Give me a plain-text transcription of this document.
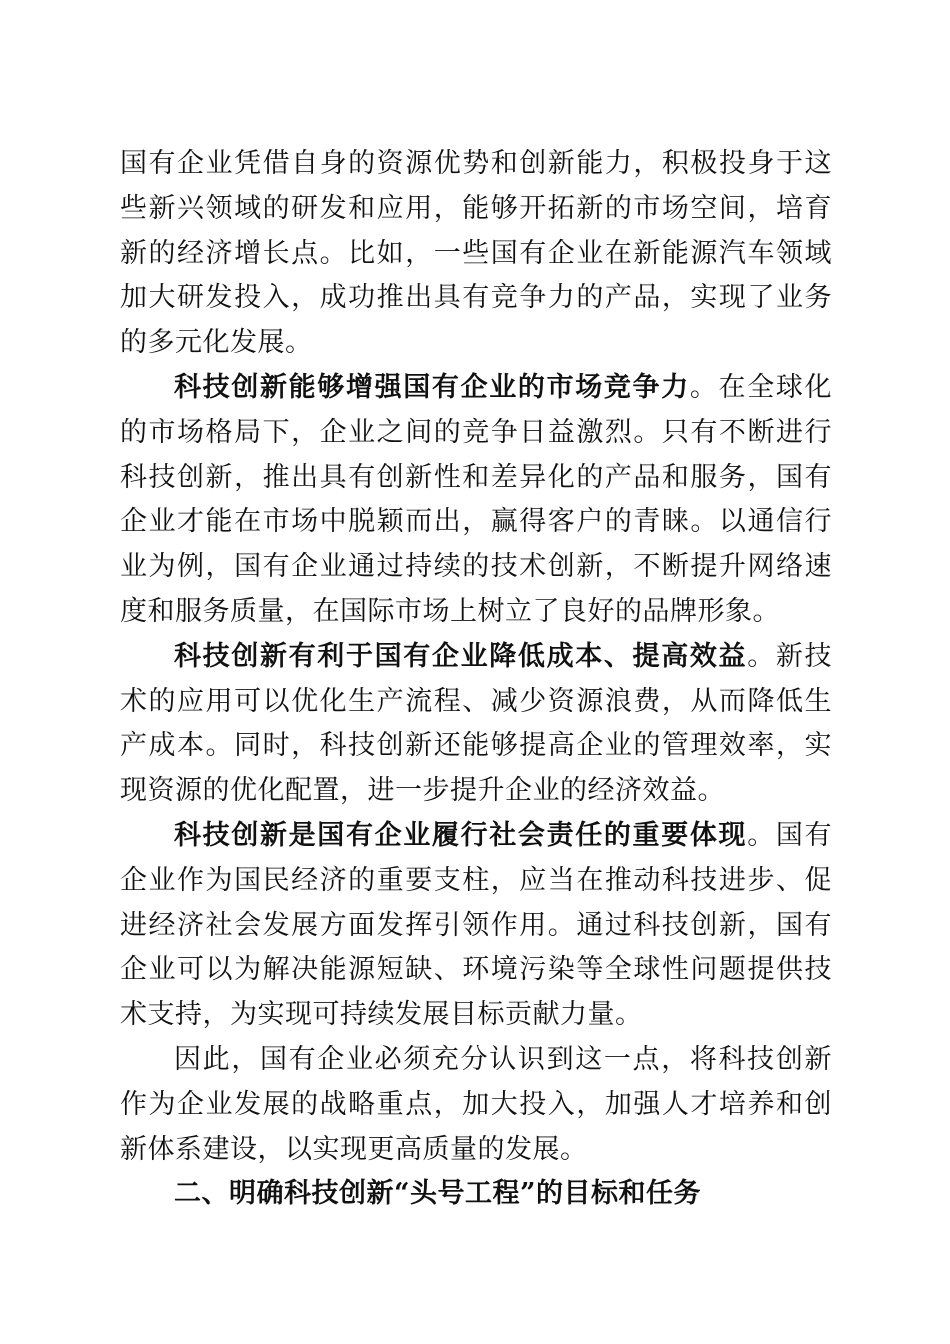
国有企业凭借自身的资源优势和创新能力，积极投身于这些新兴领域的研发和应用，能够开拓新的市场空间，培育新的经济增长点。比如，一些国有企业在新能源汽车领域加大研发投入，成功推出具有竞争力的产品，实现了业务的多元化发展。

科技创新能够增强国有企业的市场竞争力。在全球化的市场格局下，企业之间的竞争日益激烈。只有不断进行科技创新，推出具有创新性和差异化的产品和服务，国有企业才能在市场中脱颖而出，赢得客户的青睐。以通信行业为例，国有企业通过持续的技术创新，不断提升网络速度和服务质量，在国际市场上树立了良好的品牌形象。

科技创新有利于国有企业降低成本、提高效益。新技术的应用可以优化生产流程、减少资源浪费，从而降低生产成本。同时，科技创新还能够提高企业的管理效率，实现资源的优化配置，进一步提升企业的经济效益。

科技创新是国有企业履行社会责任的重要体现。国有企业作为国民经济的重要支柱，应当在推动科技进步、促进经济社会发展方面发挥引领作用。通过科技创新，国有企业可以为解决能源短缺、环境污染等全球性问题提供技术支持，为实现可持续发展目标贡献力量。

因此，国有企业必须充分认识到这一点，将科技创新作为企业发展的战略重点，加大投入，加强人才培养和创新体系建设，以实现更高质量的发展。

二、明确科技创新“头号工程”的目标和任务
